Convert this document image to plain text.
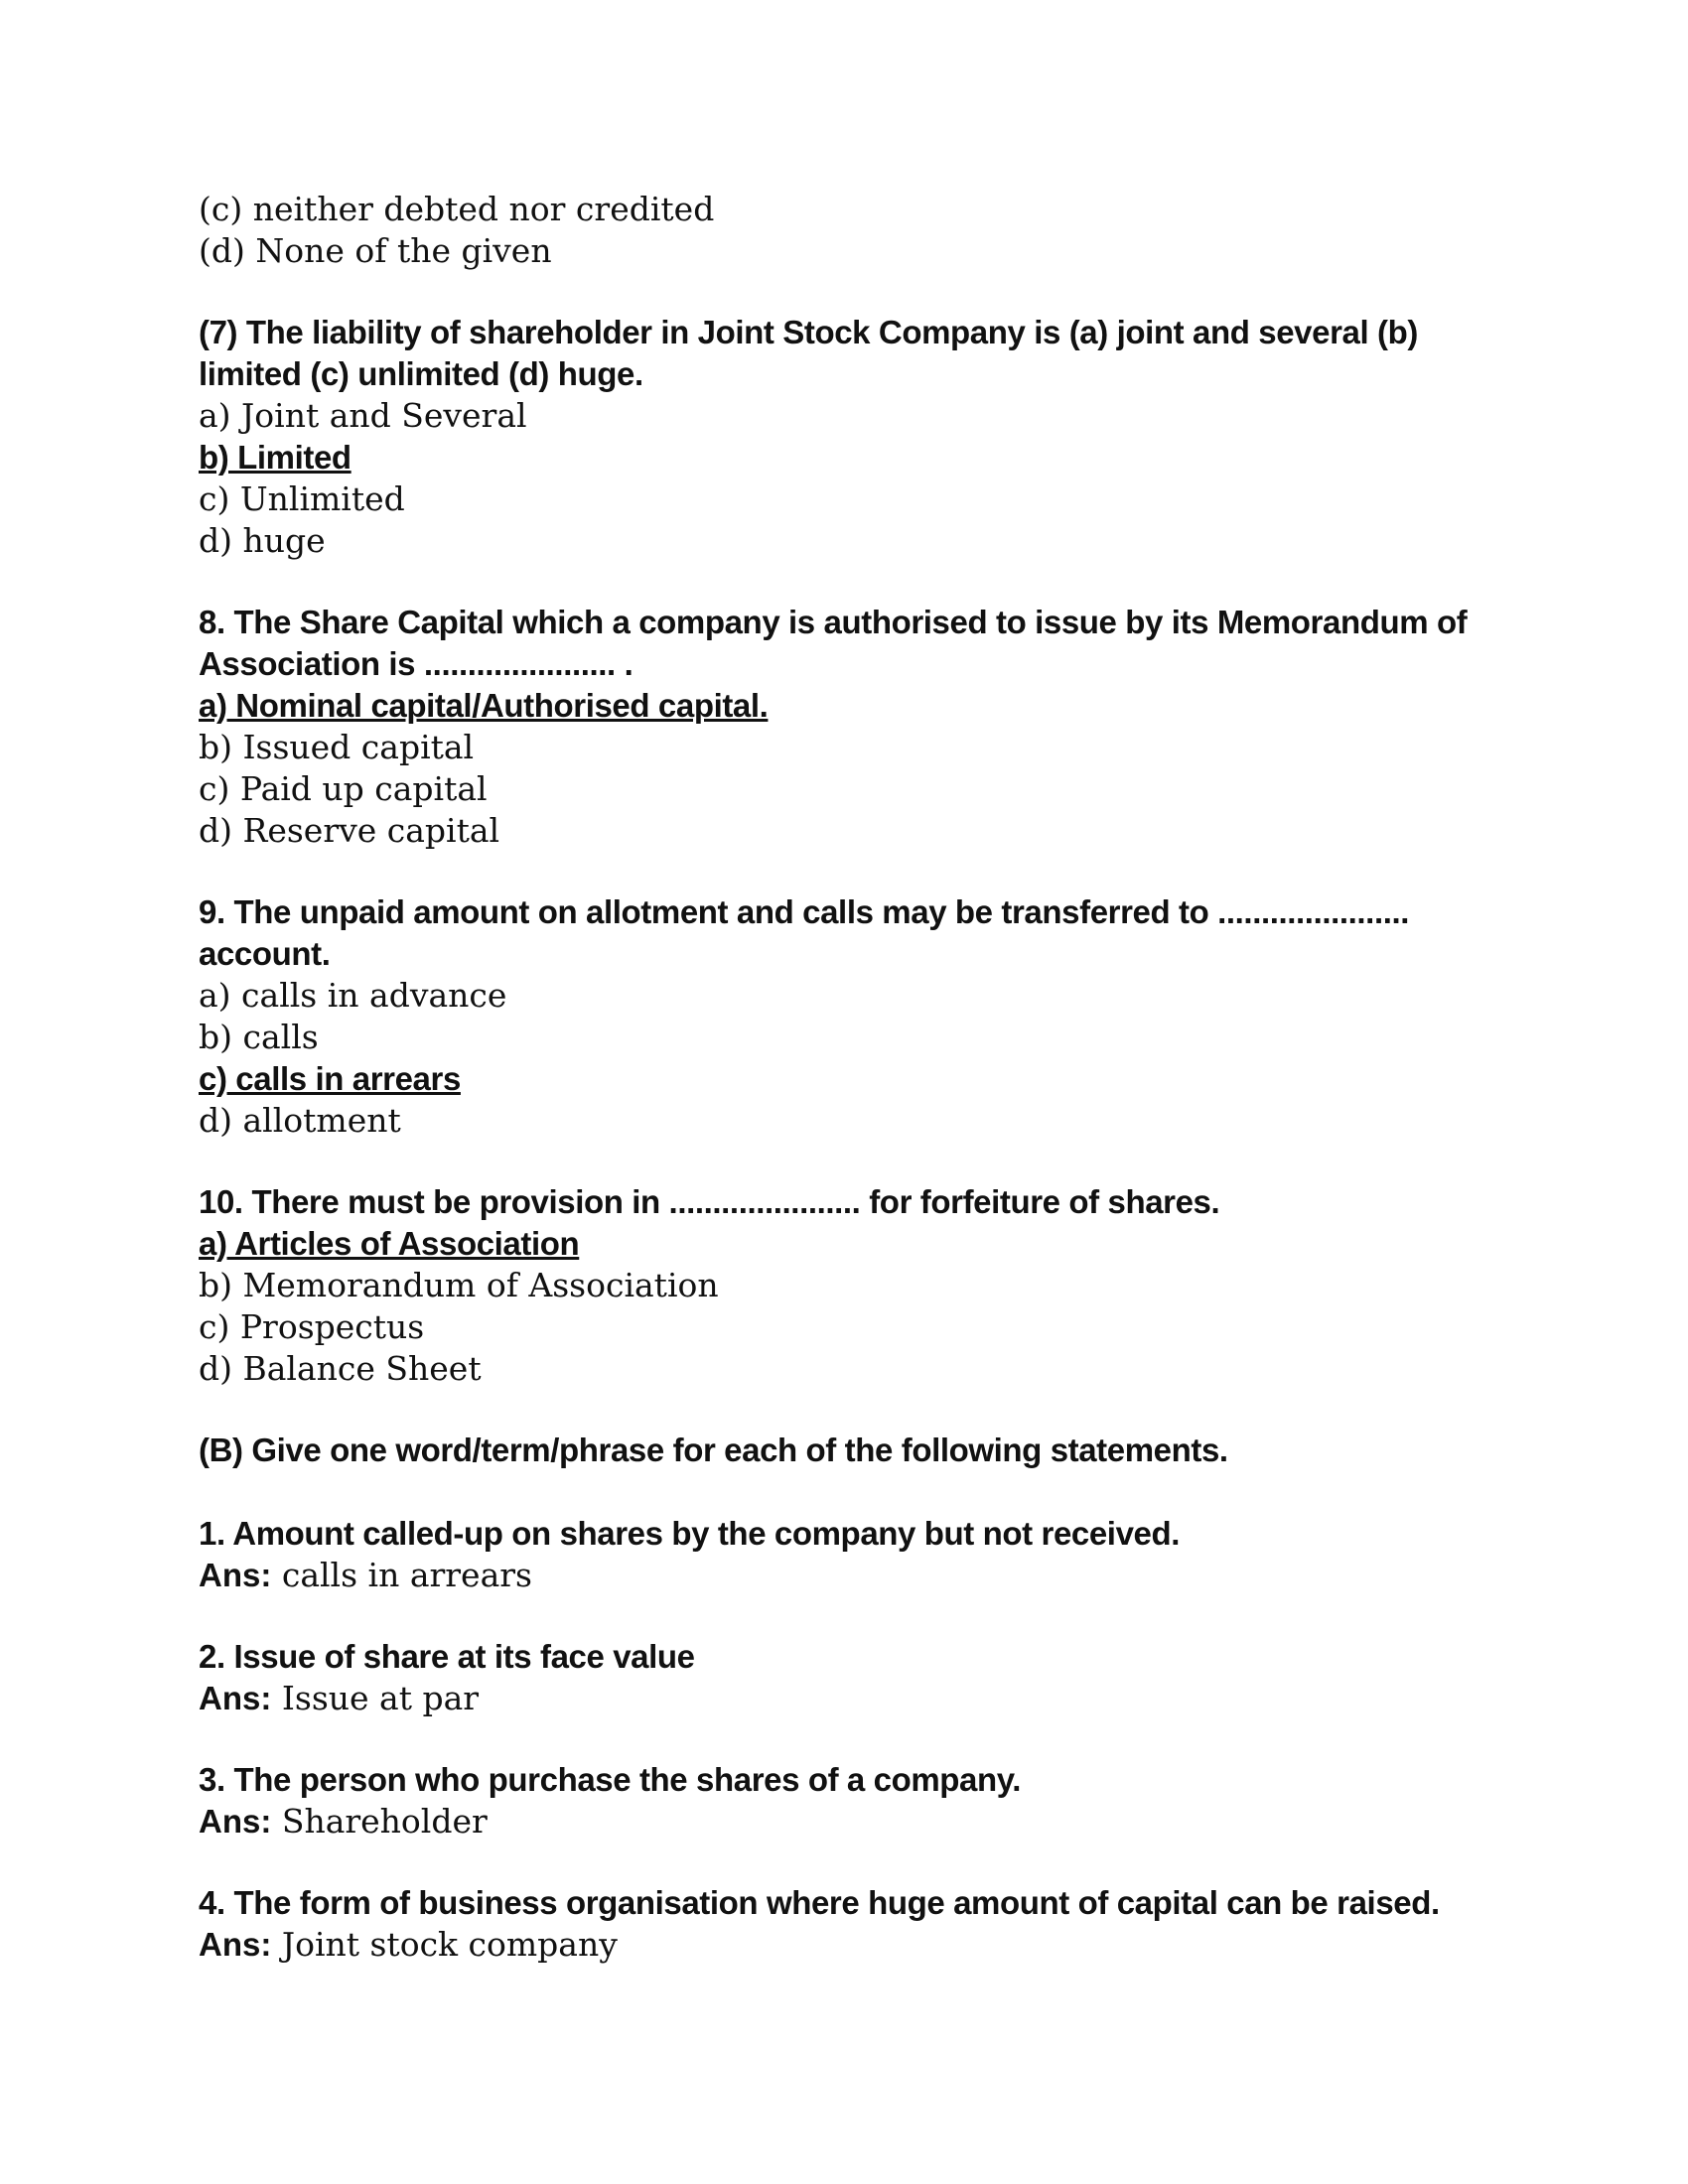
(c) neither debted nor credited
(d) None of the given
(7) The liability of shareholder in Joint Stock Company is (a) joint and several (b)
limited (c) unlimited (d) huge.
a) Joint and Several
b) Limited
c) Unlimited
d) huge
8. The Share Capital which a company is authorised to issue by its Memorandum of
Association is ...................... .
a) Nominal capital/Authorised capital.
b) Issued capital
c) Paid up capital
d) Reserve capital
9. The unpaid amount on allotment and calls may be transferred to ......................
account.
a) calls in advance
b) calls
c) calls in arrears
d) allotment
10. There must be provision in ...................... for forfeiture of shares.
a) Articles of Association
b) Memorandum of Association
c) Prospectus
d) Balance Sheet
(B) Give one word/term/phrase for each of the following statements.
1. Amount called-up on shares by the company but not received.
Ans: calls in arrears
2. Issue of share at its face value
Ans: Issue at par
3. The person who purchase the shares of a company.
Ans: Shareholder
4. The form of business organisation where huge amount of capital can be raised.
Ans: Joint stock company
